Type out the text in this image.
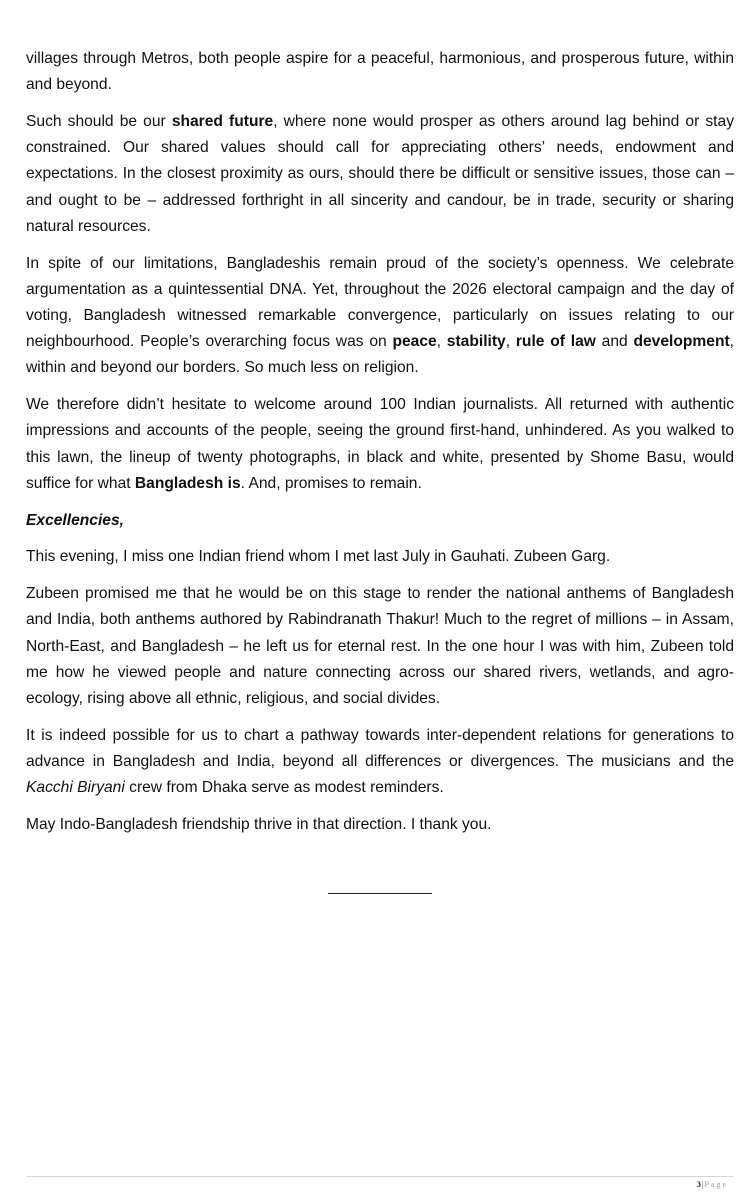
villages through Metros, both people aspire for a peaceful, harmonious, and prosperous future, within and beyond.

Such should be our shared future, where none would prosper as others around lag behind or stay constrained. Our shared values should call for appreciating others’ needs, endowment and expectations. In the closest proximity as ours, should there be difficult or sensitive issues, those can – and ought to be – addressed forthright in all sincerity and candour, be in trade, security or sharing natural resources.

In spite of our limitations, Bangladeshis remain proud of the society’s openness. We celebrate argumentation as a quintessential DNA. Yet, throughout the 2026 electoral campaign and the day of voting, Bangladesh witnessed remarkable convergence, particularly on issues relating to our neighbourhood. People’s overarching focus was on peace, stability, rule of law and development, within and beyond our borders. So much less on religion.

We therefore didn’t hesitate to welcome around 100 Indian journalists. All returned with authentic impressions and accounts of the people, seeing the ground first-hand, unhindered. As you walked to this lawn, the lineup of twenty photographs, in black and white, presented by Shome Basu, would suffice for what Bangladesh is. And, promises to remain.

Excellencies,

This evening, I miss one Indian friend whom I met last July in Gauhati. Zubeen Garg.

Zubeen promised me that he would be on this stage to render the national anthems of Bangladesh and India, both anthems authored by Rabindranath Thakur! Much to the regret of millions – in Assam, North-East, and Bangladesh – he left us for eternal rest. In the one hour I was with him, Zubeen told me how he viewed people and nature connecting across our shared rivers, wetlands, and agro-ecology, rising above all ethnic, religious, and social divides.

It is indeed possible for us to chart a pathway towards inter-dependent relations for generations to advance in Bangladesh and India, beyond all differences or divergences. The musicians and the Kacchi Biryani crew from Dhaka serve as modest reminders.

May Indo-Bangladesh friendship thrive in that direction. I thank you.

3|Page
